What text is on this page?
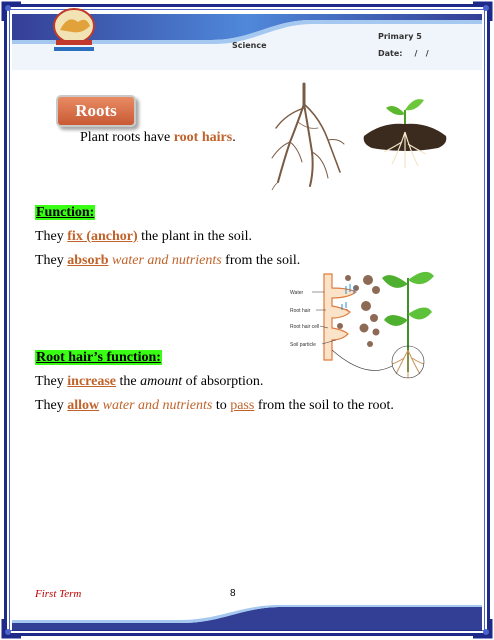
Science
Primary 5
Date: /   /
Roots
Plant roots have root hairs.
Function:
They fix (anchor) the plant in the soil.
They absorb water and nutrients from the soil.
Water
Root hair
Root hair cell
Soil particle
Root hair’s function:
They increase the amount of absorption.
They allow water and nutrients to pass from the soil to the root.
First Term	8
